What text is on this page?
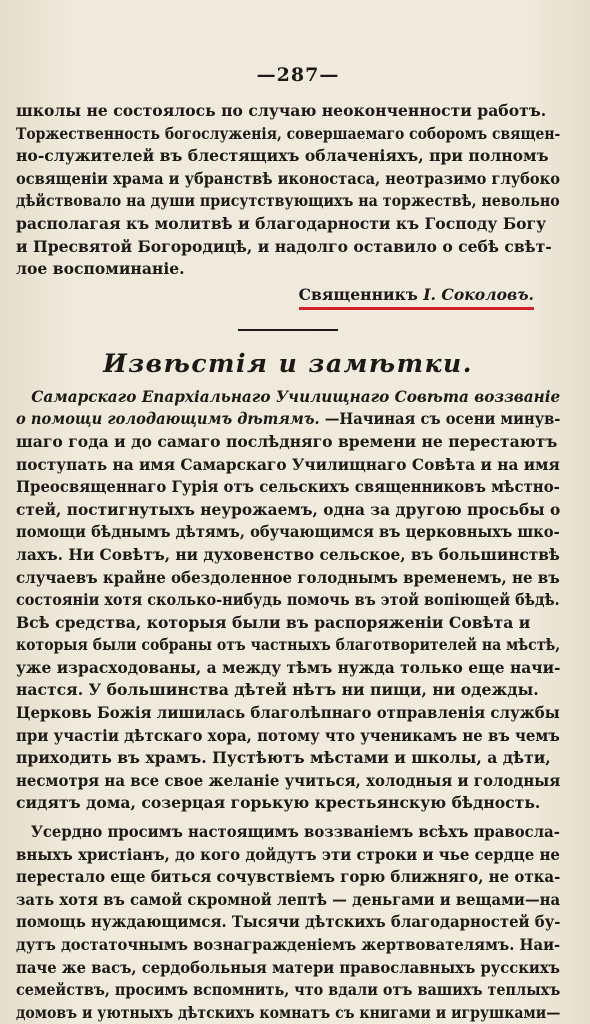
—287—

школы не состоялось по случаю неоконченности работъ.
Торжественность богослуженія, совершаемаго соборомъ священ-
но-служителей въ блестящихъ облаченіяхъ, при полномъ
освященіи храма и убранствѣ иконостаса, неотразимо глубоко
дѣйствовало на души присутствующихъ на торжествѣ, невольно
располагая къ молитвѣ и благодарности къ Господу Богу
и Пресвятой Богородицѣ, и надолго оставило о себѣ свѣт-
лое воспоминаніе.

Священникъ І. Соколовъ.
Извѣстія и замѣтки.

 Самарскаго Епархіальнаго Училищнаго Совѣта воззваніе
о помощи голодающимъ дѣтямъ. —Начиная съ осени минув-
шаго года и до самаго послѣдняго времени не перестаютъ
поступать на имя Самарскаго Училищнаго Совѣта и на имя
Преосвященнаго Гурія отъ сельскихъ священниковъ мѣстно-
стей, постигнутыхъ неурожаемъ, одна за другою просьбы о
помощи бѣднымъ дѣтямъ, обучающимся въ церковныхъ шко-
лахъ. Ни Совѣтъ, ни духовенство сельское, въ большинствѣ
случаевъ крайне обездоленное голоднымъ временемъ, не въ
состояніи хотя сколько-нибудь помочь въ этой вопіющей бѣдѣ.
Всѣ средства, которыя были въ распоряженіи Совѣта и
которыя были собраны отъ частныхъ благотворителей на мѣстѣ,
уже израсходованы, а между тѣмъ нужда только еще начи-
настся. У большинства дѣтей нѣтъ ни пищи, ни одежды.
Церковь Божія лишилась благолѣпнаго отправленія службы
при участіи дѣтскаго хора, потому что ученикамъ не въ чемъ
приходить въ храмъ. Пустѣютъ мѣстами и школы, а дѣти,
несмотря на все свое желаніе учиться, холодныя и голодныя
сидятъ дома, созерцая горькую крестьянскую бѣдность.

 Усердно просимъ настоящимъ воззваніемъ всѣхъ правосла-
вныхъ христіанъ, до кого дойдутъ эти строки и чье сердце не
перестало еще биться сочувствіемъ горю ближняго, не отка-
зать хотя въ самой скромной лептѣ — деньгами и вещами—на
помощь нуждающимся. Тысячи дѣтскихъ благодарностей бу-
дутъ достаточнымъ вознагражденіемъ жертвователямъ. Наи-
паче же васъ, сердобольныя матери православныхъ русскихъ
семействъ, просимъ вспомнить, что вдали отъ вашихъ теплыхъ
домовъ и уютныхъ дѣтскихъ комнатъ съ книгами и игрушками—
